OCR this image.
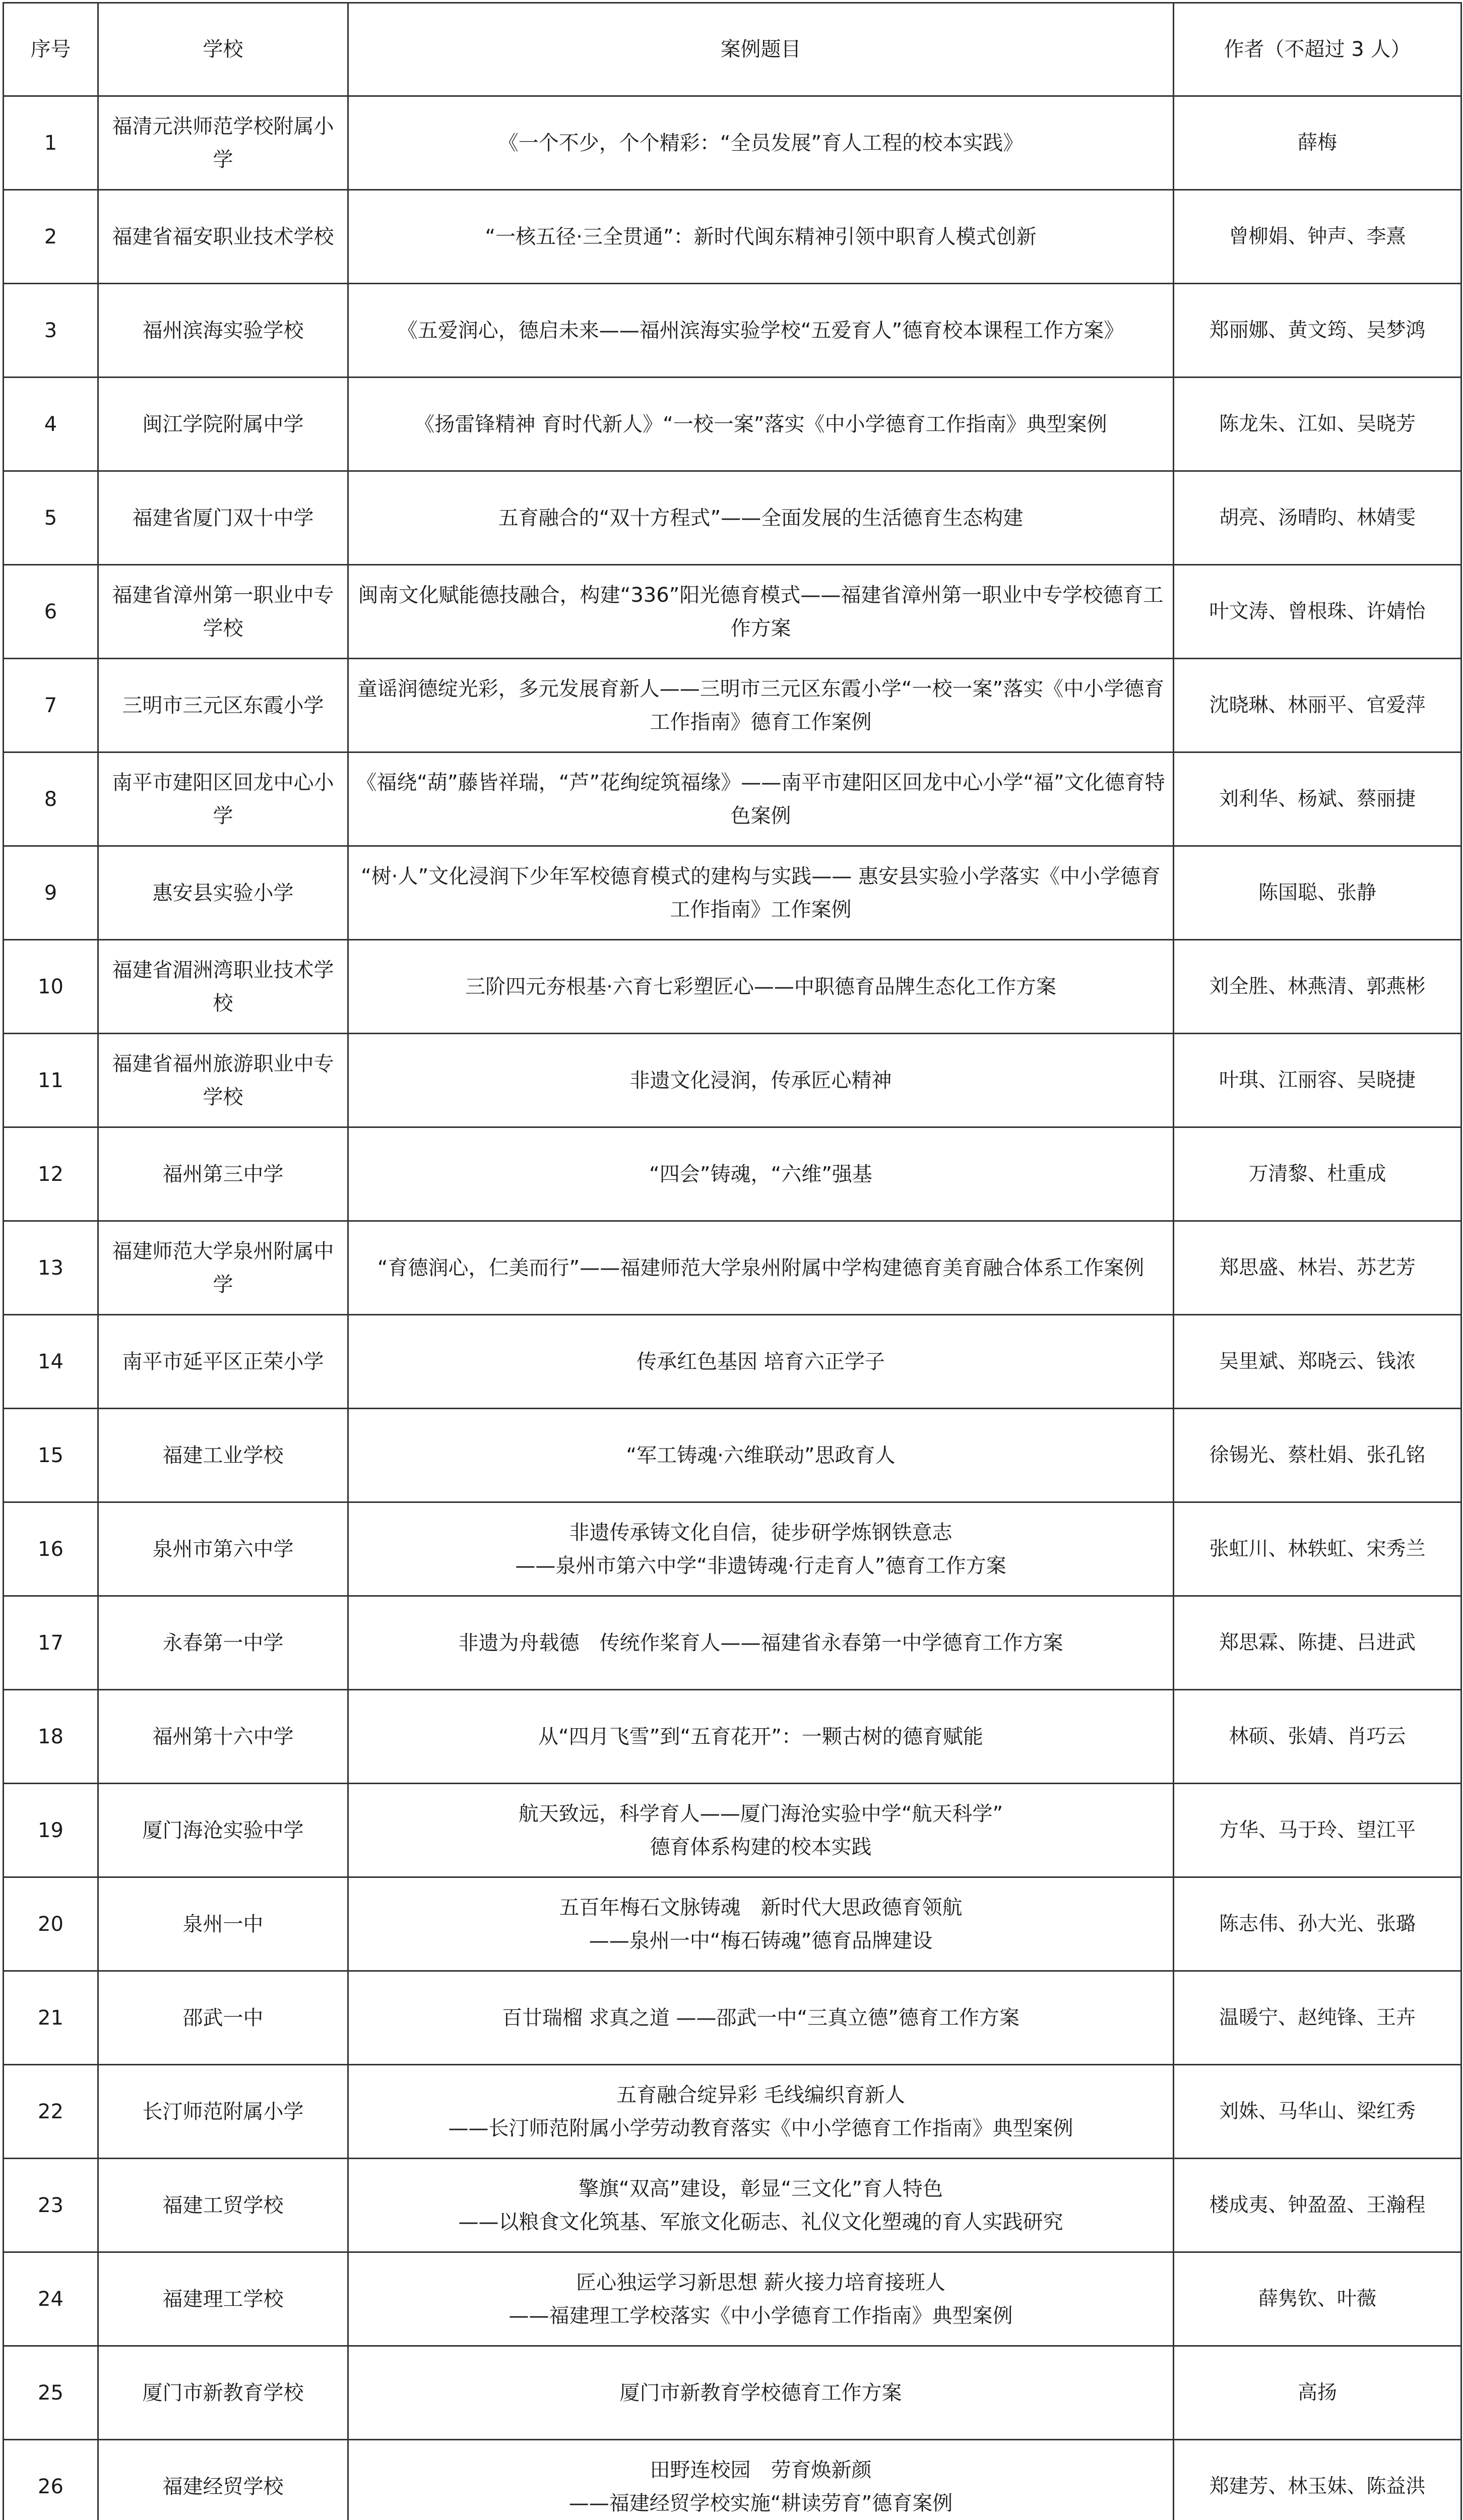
序号	学校	案例题目	作者（不超过 3 人）
1	福清元洪师范学校附属小学	《一个不少，个个精彩：“全员发展”育人工程的校本实践》	薛梅
2	福建省福安职业技术学校	“一核五径·三全贯通”：新时代闽东精神引领中职育人模式创新	曾柳娟、钟声、李熹
3	福州滨海实验学校	《五爱润心，德启未来——福州滨海实验学校“五爱育人”德育校本课程工作方案》	郑丽娜、黄文筠、吴梦鸿
4	闽江学院附属中学	《扬雷锋精神 育时代新人》“一校一案”落实《中小学德育工作指南》典型案例	陈龙朱、江如、吴晓芳
5	福建省厦门双十中学	五育融合的“双十方程式”——全面发展的生活德育生态构建	胡亮、汤晴昀、林婧雯
6	福建省漳州第一职业中专学校	闽南文化赋能德技融合，构建“336”阳光德育模式——福建省漳州第一职业中专学校德育工作方案	叶文涛、曾根珠、许婧怡
7	三明市三元区东霞小学	童谣润德绽光彩，多元发展育新人——三明市三元区东霞小学“一校一案”落实《中小学德育工作指南》德育工作案例	沈晓琳、林丽平、官爱萍
8	南平市建阳区回龙中心小学	《福绕“葫”藤皆祥瑞，“芦”花绚绽筑福缘》——南平市建阳区回龙中心小学“福”文化德育特色案例	刘利华、杨斌、蔡丽捷
9	惠安县实验小学	“树·人”文化浸润下少年军校德育模式的建构与实践—— 惠安县实验小学落实《中小学德育工作指南》工作案例	陈国聪、张静
10	福建省湄洲湾职业技术学校	三阶四元夯根基·六育七彩塑匠心——中职德育品牌生态化工作方案	刘全胜、林燕清、郭燕彬
11	福建省福州旅游职业中专学校	非遗文化浸润，传承匠心精神	叶琪、江丽容、吴晓捷
12	福州第三中学	“四会”铸魂，“六维”强基	万清黎、杜重成
13	福建师范大学泉州附属中学	“育德润心，仁美而行”——福建师范大学泉州附属中学构建德育美育融合体系工作案例	郑思盛、林岩、苏艺芳
14	南平市延平区正荣小学	传承红色基因 培育六正学子	吴里斌、郑晓云、钱浓
15	福建工业学校	“军工铸魂·六维联动”思政育人	徐锡光、蔡杜娟、张孔铭
16	泉州市第六中学	非遗传承铸文化自信，徒步研学炼钢铁意志
——泉州市第六中学“非遗铸魂·行走育人”德育工作方案	张虹川、林轶虹、宋秀兰
17	永春第一中学	非遗为舟载德　传统作桨育人——福建省永春第一中学德育工作方案	郑思霖、陈捷、吕进武
18	福州第十六中学	从“四月飞雪”到“五育花开”：一颗古树的德育赋能	林硕、张婧、肖巧云
19	厦门海沧实验中学	航天致远，科学育人——厦门海沧实验中学“航天科学”
德育体系构建的校本实践	方华、马于玲、望江平
20	泉州一中	五百年梅石文脉铸魂　新时代大思政德育领航
——泉州一中“梅石铸魂”德育品牌建设	陈志伟、孙大光、张璐
21	邵武一中	百廿瑞榴 求真之道 ——邵武一中“三真立德”德育工作方案	温暖宁、赵纯锋、王卉
22	长汀师范附属小学	五育融合绽异彩 毛线编织育新人
——长汀师范附属小学劳动教育落实《中小学德育工作指南》典型案例	刘姝、马华山、梁红秀
23	福建工贸学校	擎旗“双高”建设，彰显“三文化”育人特色
——以粮食文化筑基、军旅文化砺志、礼仪文化塑魂的育人实践研究	楼成夷、钟盈盈、王瀚程
24	福建理工学校	匠心独运学习新思想 薪火接力培育接班人
——福建理工学校落实《中小学德育工作指南》典型案例	薛隽钦、叶薇
25	厦门市新教育学校	厦门市新教育学校德育工作方案	高扬
26	福建经贸学校	田野连校园　劳育焕新颜
——福建经贸学校实施“耕读劳育”德育案例	郑建芳、林玉妹、陈益洪
